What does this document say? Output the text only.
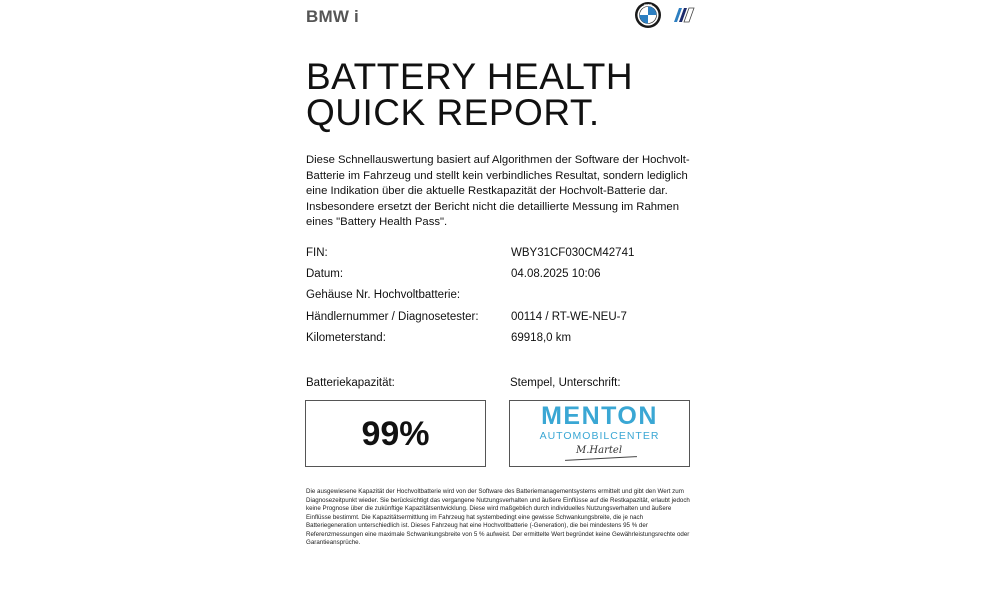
BMW i
BMW
BATTERY HEALTH
QUICK REPORT.
Diese Schnellauswertung basiert auf Algorithmen der Software der Hochvolt-Batterie im Fahrzeug und stellt kein verbindliches Resultat, sondern lediglich eine Indikation über die aktuelle Restkapazität der Hochvolt-Batterie dar. Insbesondere ersetzt der Bericht nicht die detaillierte Messung im Rahmen eines "Battery Health Pass".
FIN:	WBY31CF030CM42741
Datum:	04.08.2025 10:06
Gehäuse Nr. Hochvoltbatterie:
Händlernummer / Diagnosetester:	00114 / RT-WE-NEU-7
Kilometerstand:	69918,0 km
Batteriekapazität:	Stempel, Unterschrift:
99%	MENTON
AUTOMOBILCENTER
M.Hartel
Die ausgewiesene Kapazität der Hochvoltbatterie wird von der Software des Batteriemanagementsystems ermittelt und gibt den Wert zum Diagnosezeitpunkt wieder. Sie berücksichtigt das vergangene Nutzungsverhalten und äußere Einflüsse auf die Restkapazität, erlaubt jedoch keine Prognose über die zukünftige Kapazitätsentwicklung. Diese wird maßgeblich durch individuelles Nutzungsverhalten und äußere Einflüsse bestimmt. Die Kapazitätsermittlung im Fahrzeug hat systembedingt eine gewisse Schwankungsbreite, die je nach Batteriegeneration unterschiedlich ist. Dieses Fahrzeug hat eine Hochvoltbatterie (-Generation), die bei mindestens 95 % der Referenzmessungen eine maximale Schwankungsbreite von 5 % aufweist. Der ermittelte Wert begründet keine Gewährleistungsrechte oder Garantieansprüche.
